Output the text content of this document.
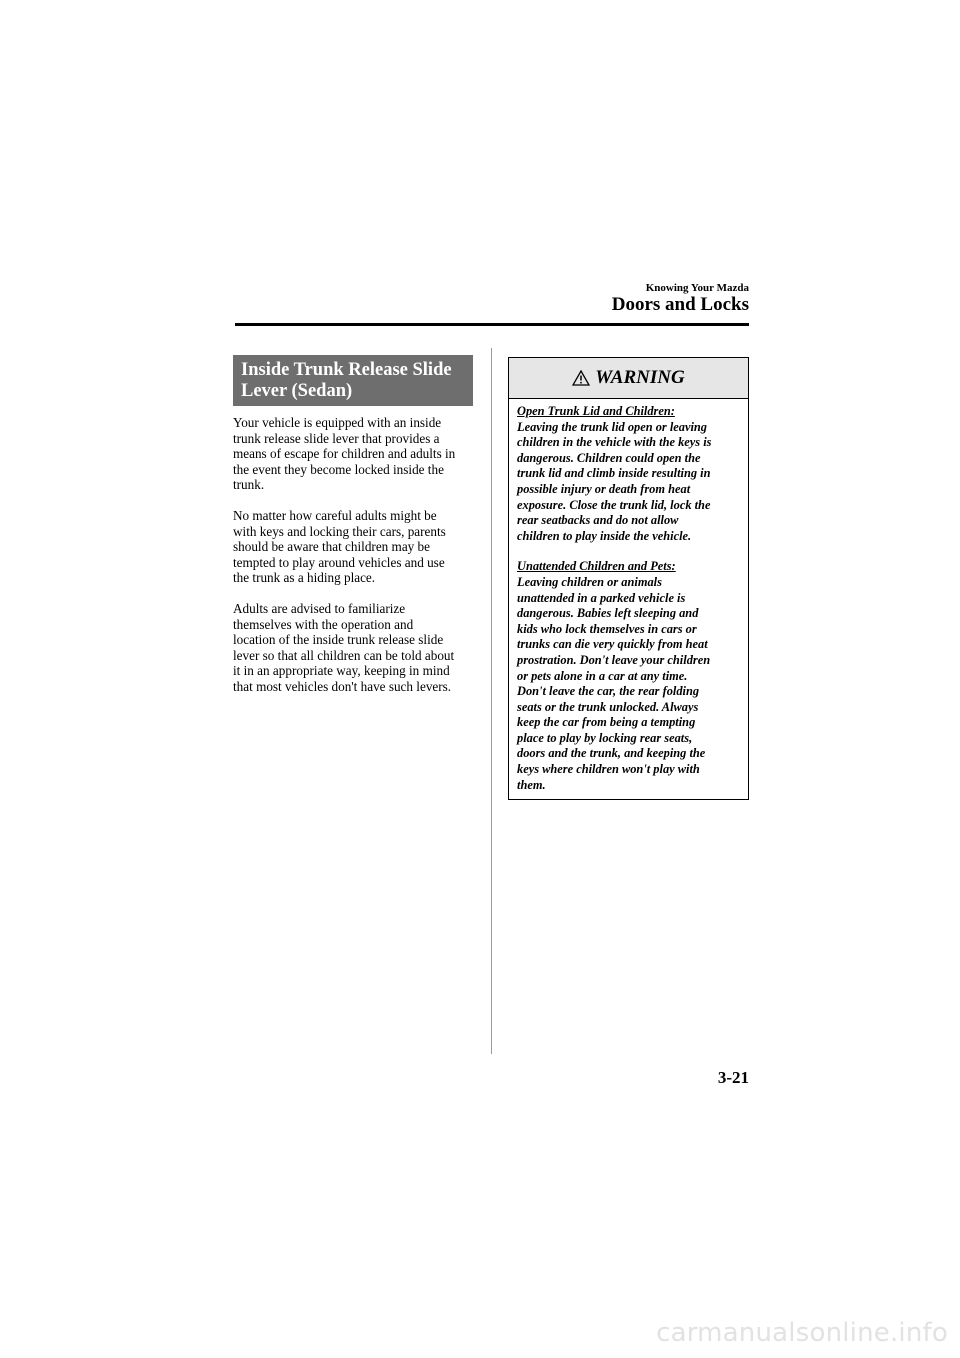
Knowing Your Mazda
Doors and Locks
Inside Trunk Release Slide
Lever (Sedan)

Your vehicle is equipped with an inside
trunk release slide lever that provides a
means of escape for children and adults in
the event they become locked inside the
trunk.

No matter how careful adults might be
with keys and locking their cars, parents
should be aware that children may be
tempted to play around vehicles and use
the trunk as a hiding place.

Adults are advised to familiarize
themselves with the operation and
location of the inside trunk release slide
lever so that all children can be told about
it in an appropriate way, keeping in mind
that most vehicles don't have such levers.

WARNING

Open Trunk Lid and Children:
Leaving the trunk lid open or leaving
children in the vehicle with the keys is
dangerous. Children could open the
trunk lid and climb inside resulting in
possible injury or death from heat
exposure. Close the trunk lid, lock the
rear seatbacks and do not allow
children to play inside the vehicle.

Unattended Children and Pets:
Leaving children or animals
unattended in a parked vehicle is
dangerous. Babies left sleeping and
kids who lock themselves in cars or
trunks can die very quickly from heat
prostration. Don't leave your children
or pets alone in a car at any time.
Don't leave the car, the rear folding
seats or the trunk unlocked. Always
keep the car from being a tempting
place to play by locking rear seats,
doors and the trunk, and keeping the
keys where children won't play with
them.

3-21
carmanualsonline.info
